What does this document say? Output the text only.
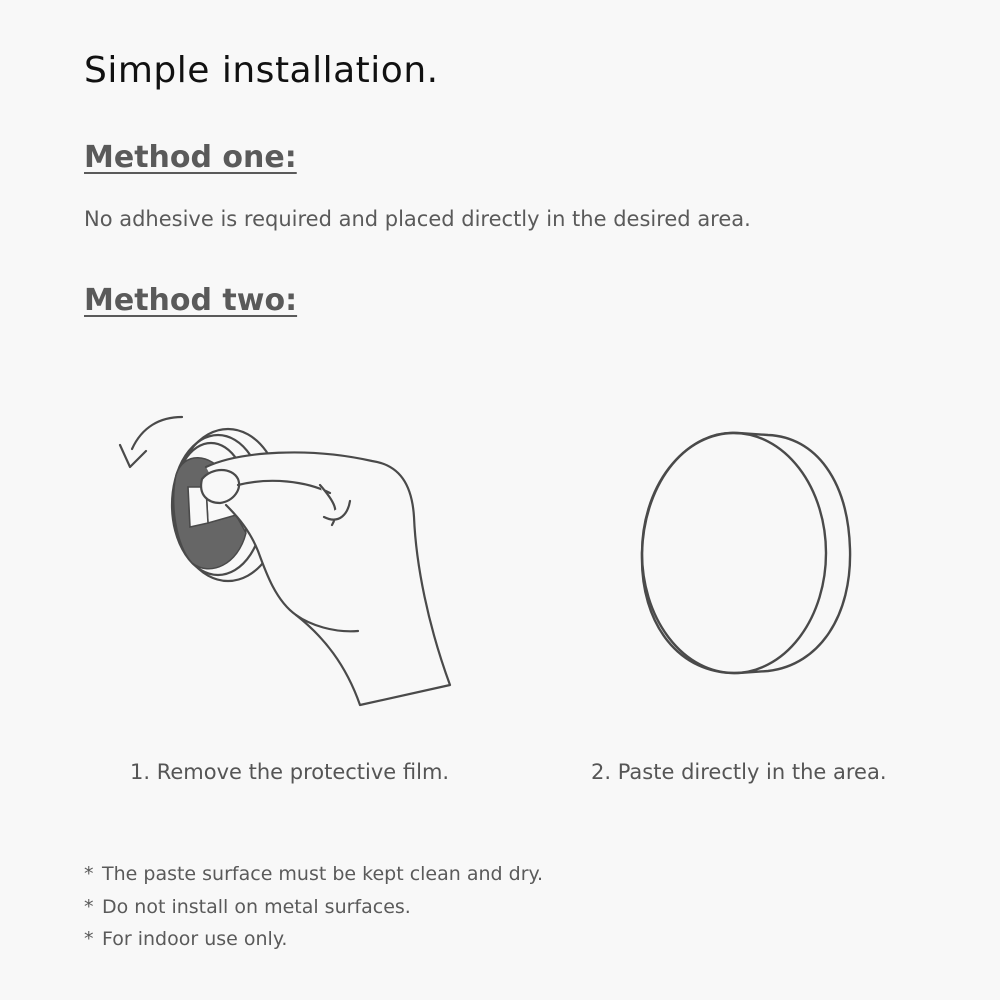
Simple installation.
Method one:

No adhesive is required and placed directly in the desired area.

Method two:

1. Remove the protective film.	2. Paste directly in the area.

* The paste surface must be kept clean and dry.
* Do not install on metal surfaces.
* For indoor use only.
